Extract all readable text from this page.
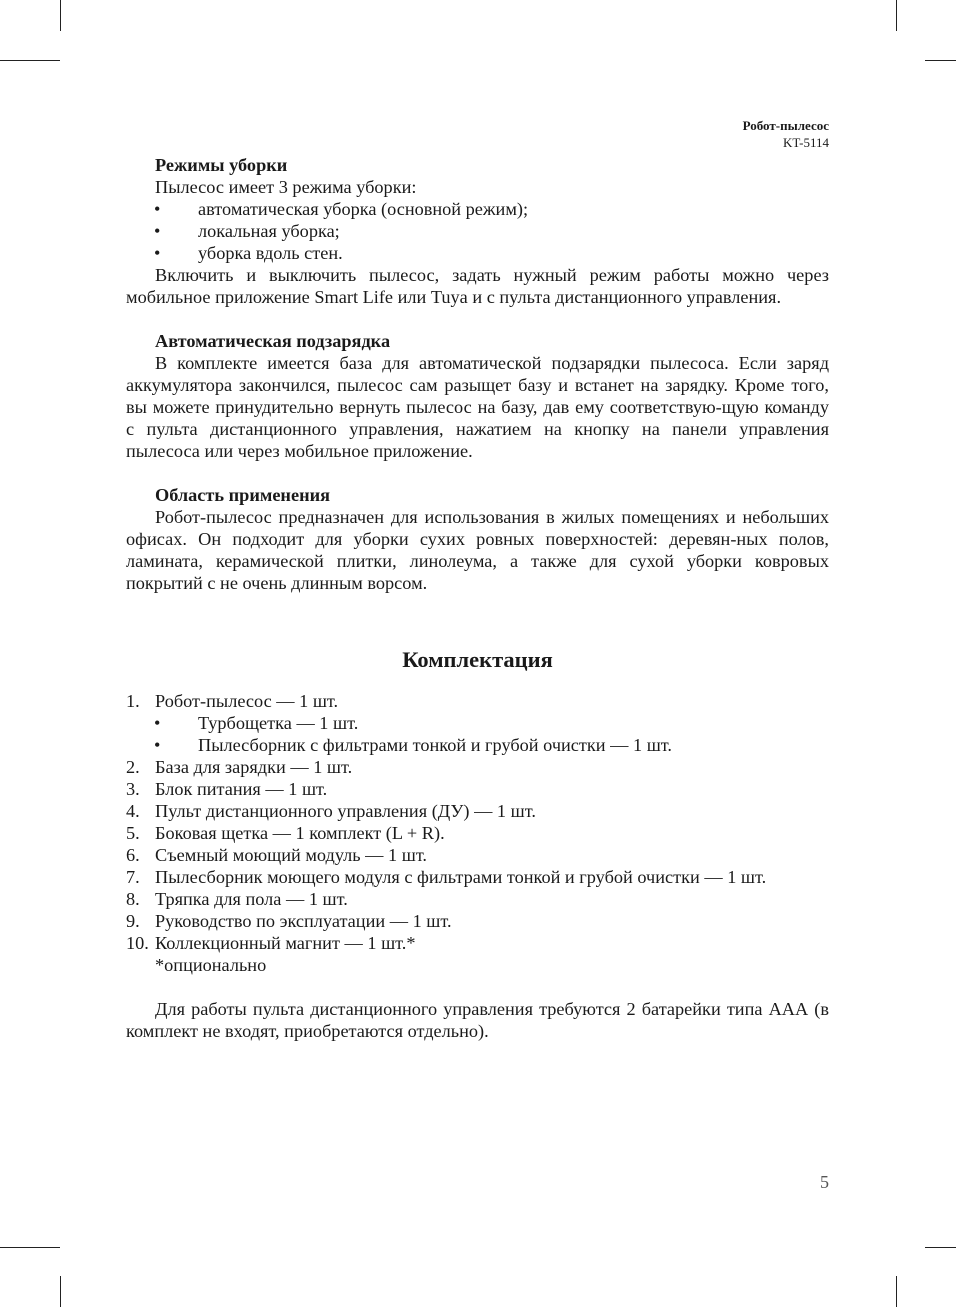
Робот-пылесос
KT-5114
Режимы уборки
Пылесос имеет 3 режима уборки:
• автоматическая уборка (основной режим);
• локальная уборка;
• уборка вдоль стен.

Включить и выключить пылесос, задать нужный режим работы можно через мобильное приложение Smart Life или Tuya и с пульта дистанционного управления.

Автоматическая подзарядка

В комплекте имеется база для автоматической подзарядки пылесоса. Если заряд аккумулятора закончился, пылесос сам разыщет базу и встанет на зарядку. Кроме того, вы можете принудительно вернуть пылесос на базу, дав ему соответствую-щую команду с пульта дистанционного управления, нажатием на кнопку на панели управления пылесоса или через мобильное приложение.

Область применения

Робот-пылесос предназначен для использования в жилых помещениях и небольших офисах. Он подходит для уборки сухих ровных поверхностей: деревян-ных полов, ламината, керамической плитки, линолеума, а также для сухой уборки ковровых покрытий с не очень длинным ворсом.

Комплектация
1. Робот-пылесос — 1 шт.
• Турбощетка — 1 шт.
• Пылесборник с фильтрами тонкой и грубой очистки — 1 шт.
2. База для зарядки — 1 шт.
3. Блок питания — 1 шт.
4. Пульт дистанционного управления (ДУ) — 1 шт.
5. Боковая щетка — 1 комплект (L + R).
6. Съемный моющий модуль — 1 шт.
7. Пылесборник моющего модуля с фильтрами тонкой и грубой очистки — 1 шт.
8. Тряпка для пола — 1 шт.
9. Руководство по эксплуатации — 1 шт.
10. Коллекционный магнит — 1 шт.*
*опционально

Для работы пульта дистанционного управления требуются 2 батарейки типа ААА (в комплект не входят, приобретаются отдельно).

5
